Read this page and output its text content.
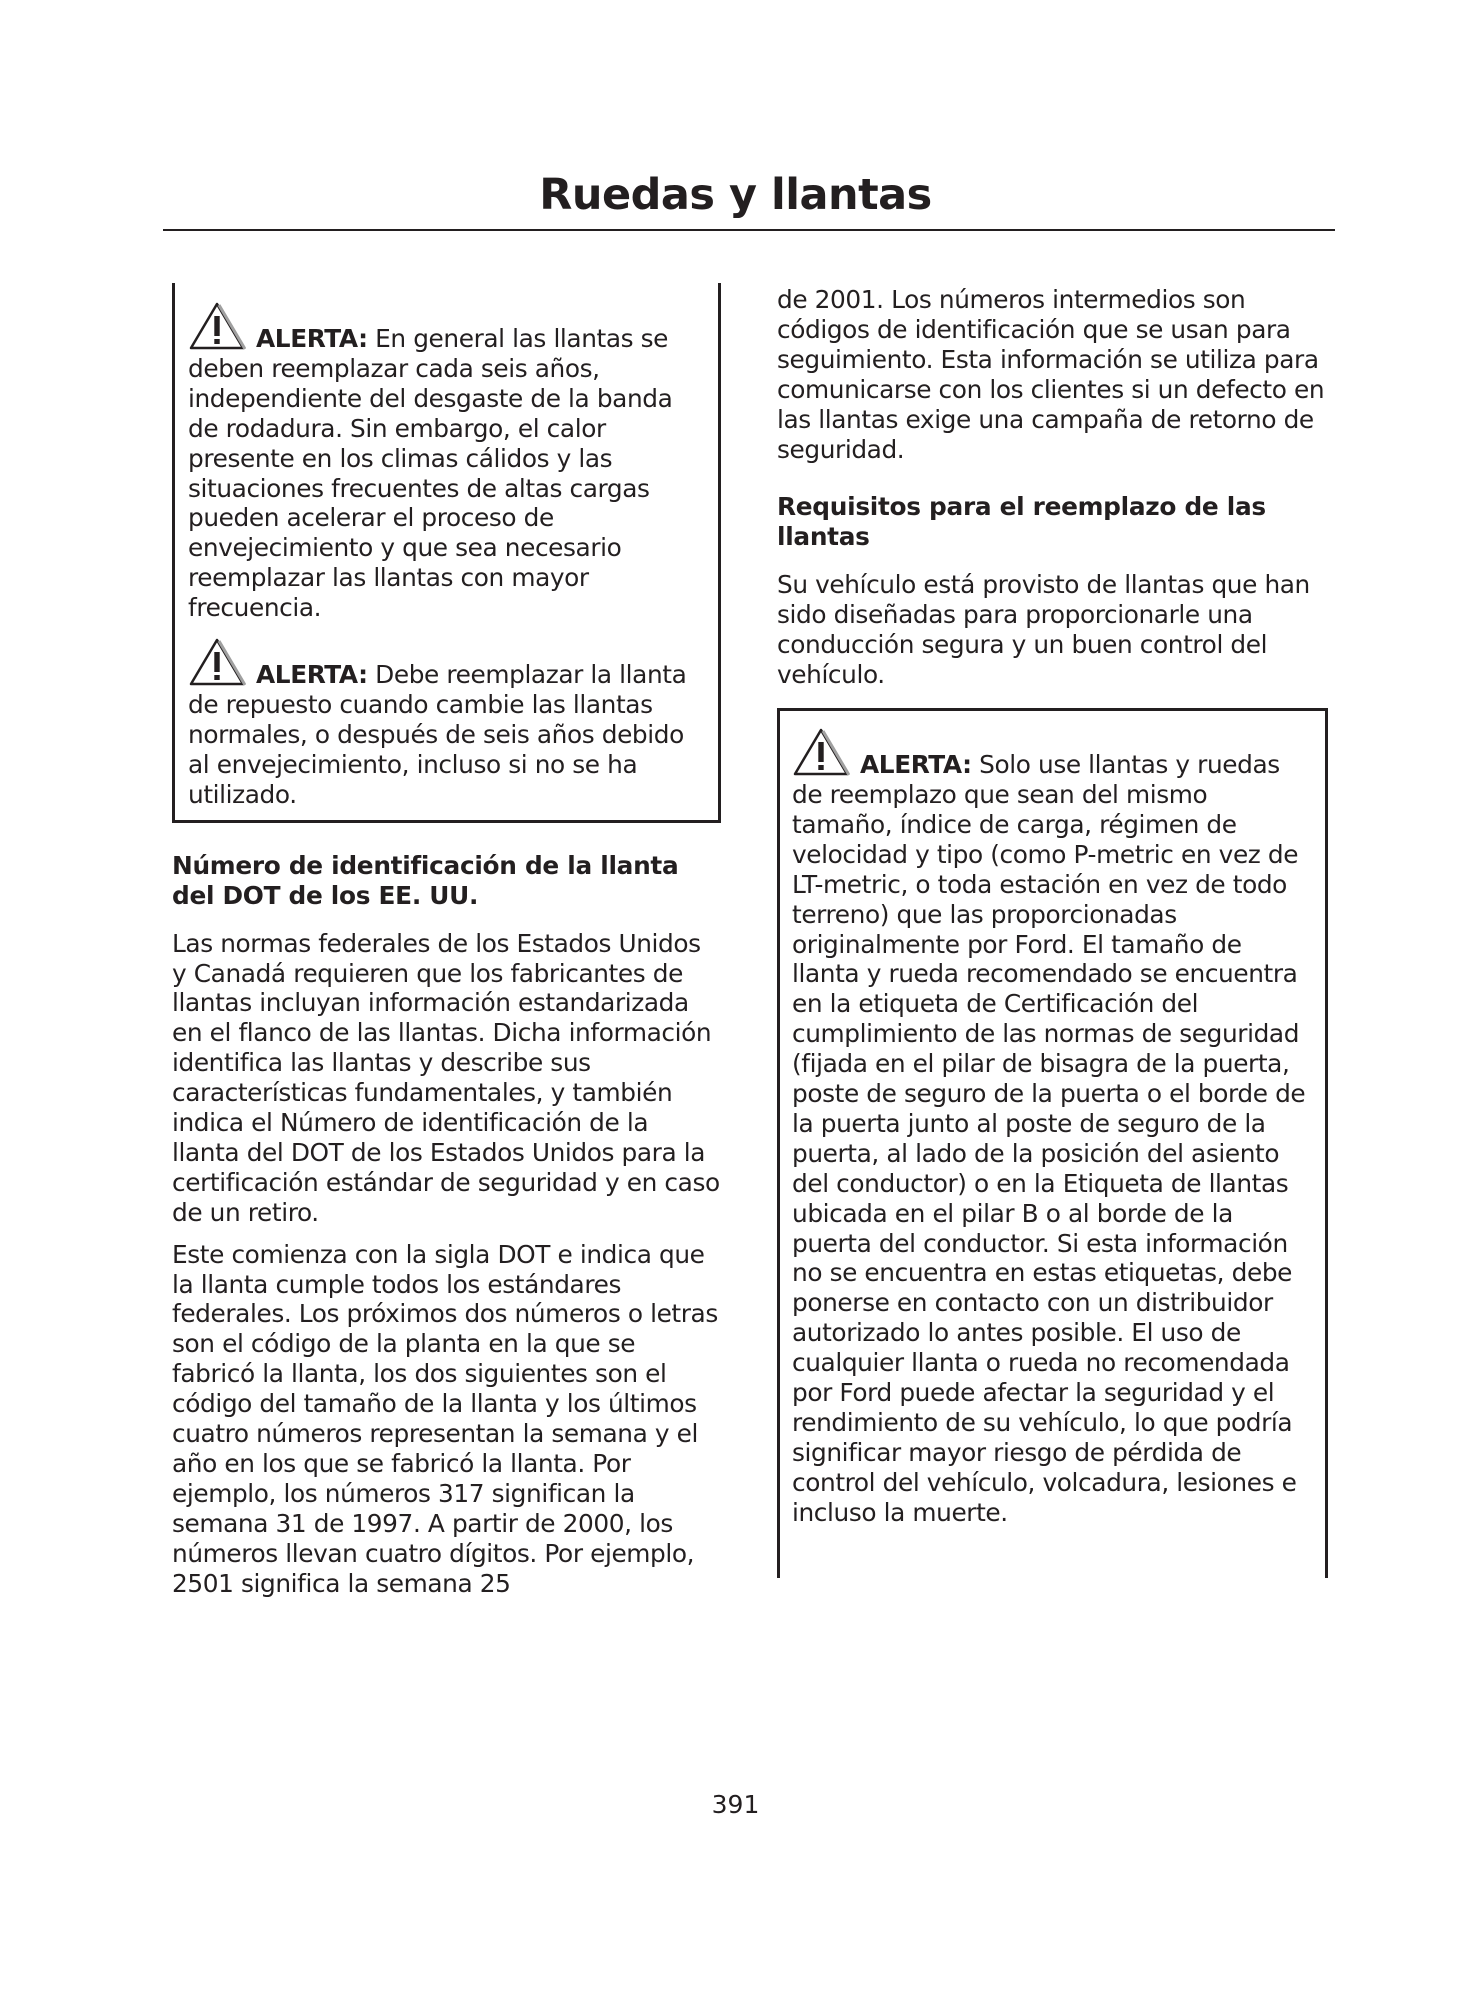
Ruedas y llantas

ALERTA: En general las llantas se deben reemplazar cada seis años, independiente del desgaste de la banda de rodadura. Sin embargo, el calor presente en los climas cálidos y las situaciones frecuentes de altas cargas pueden acelerar el proceso de envejecimiento y que sea necesario reemplazar las llantas con mayor frecuencia.

ALERTA: Debe reemplazar la llanta de repuesto cuando cambie las llantas normales, o después de seis años debido al envejecimiento, incluso si no se ha utilizado.

Número de identificación de la llanta del DOT de los EE. UU.

Las normas federales de los Estados Unidos y Canadá requieren que los fabricantes de llantas incluyan información estandarizada en el flanco de las llantas. Dicha información identifica las llantas y describe sus características fundamentales, y también indica el Número de identificación de la llanta del DOT de los Estados Unidos para la certificación estándar de seguridad y en caso de un retiro.

Este comienza con la sigla DOT e indica que la llanta cumple todos los estándares federales. Los próximos dos números o letras son el código de la planta en la que se fabricó la llanta, los dos siguientes son el código del tamaño de la llanta y los últimos cuatro números representan la semana y el año en los que se fabricó la llanta. Por ejemplo, los números 317 significan la semana 31 de 1997. A partir de 2000, los números llevan cuatro dígitos. Por ejemplo, 2501 significa la semana 25

de 2001. Los números intermedios son códigos de identificación que se usan para seguimiento. Esta información se utiliza para comunicarse con los clientes si un defecto en las llantas exige una campaña de retorno de seguridad.

Requisitos para el reemplazo de las llantas

Su vehículo está provisto de llantas que han sido diseñadas para proporcionarle una conducción segura y un buen control del vehículo.

ALERTA: Solo use llantas y ruedas de reemplazo que sean del mismo tamaño, índice de carga, régimen de velocidad y tipo (como P-metric en vez de LT-metric, o toda estación en vez de todo terreno) que las proporcionadas originalmente por Ford. El tamaño de llanta y rueda recomendado se encuentra en la etiqueta de Certificación del cumplimiento de las normas de seguridad (fijada en el pilar de bisagra de la puerta, poste de seguro de la puerta o el borde de la puerta junto al poste de seguro de la puerta, al lado de la posición del asiento del conductor) o en la Etiqueta de llantas ubicada en el pilar B o al borde de la puerta del conductor. Si esta información no se encuentra en estas etiquetas, debe ponerse en contacto con un distribuidor autorizado lo antes posible. El uso de cualquier llanta o rueda no recomendada por Ford puede afectar la seguridad y el rendimiento de su vehículo, lo que podría significar mayor riesgo de pérdida de control del vehículo, volcadura, lesiones e incluso la muerte.

391
